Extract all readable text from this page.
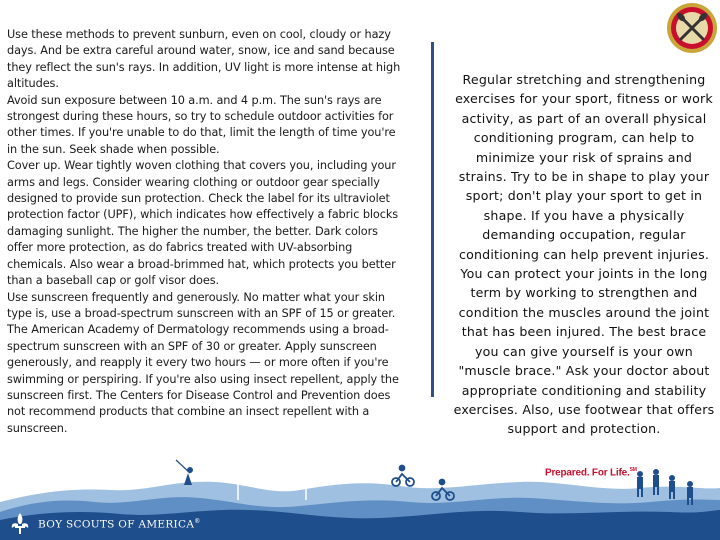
Use these methods to prevent sunburn, even on cool, cloudy or hazy days. And be extra careful around water, snow, ice and sand because they reflect the sun's rays. In addition, UV light is more intense at high altitudes.

Avoid sun exposure between 10 a.m. and 4 p.m. The sun's rays are strongest during these hours, so try to schedule outdoor activities for other times. If you're unable to do that, limit the length of time you're in the sun. Seek shade when possible.

Cover up. Wear tightly woven clothing that covers you, including your arms and legs. Consider wearing clothing or outdoor gear specially designed to provide sun protection. Check the label for its ultraviolet protection factor (UPF), which indicates how effectively a fabric blocks damaging sunlight. The higher the number, the better. Dark colors offer more protection, as do fabrics treated with UV-absorbing chemicals. Also wear a broad-brimmed hat, which protects you better than a baseball cap or golf visor does.

Use sunscreen frequently and generously. No matter what your skin type is, use a broad-spectrum sunscreen with an SPF of 15 or greater. The American Academy of Dermatology recommends using a broad-spectrum sunscreen with an SPF of 30 or greater. Apply sunscreen generously, and reapply it every two hours — or more often if you're swimming or perspiring. If you're also using insect repellent, apply the sunscreen first. The Centers for Disease Control and Prevention does not recommend products that combine an insect repellent with a sunscreen.

Regular stretching and strengthening exercises for your sport, fitness or work activity, as part of an overall physical conditioning program, can help to minimize your risk of sprains and strains. Try to be in shape to play your sport; don't play your sport to get in shape. If you have a physically demanding occupation, regular conditioning can help prevent injuries. You can protect your joints in the long term by working to strengthen and condition the muscles around the joint that has been injured. The best brace you can give yourself is your own "muscle brace." Ask your doctor about appropriate conditioning and stability exercises. Also, use footwear that offers support and protection.
Prepared. For Life.℠
BOY SCOUTS OF AMERICA®
